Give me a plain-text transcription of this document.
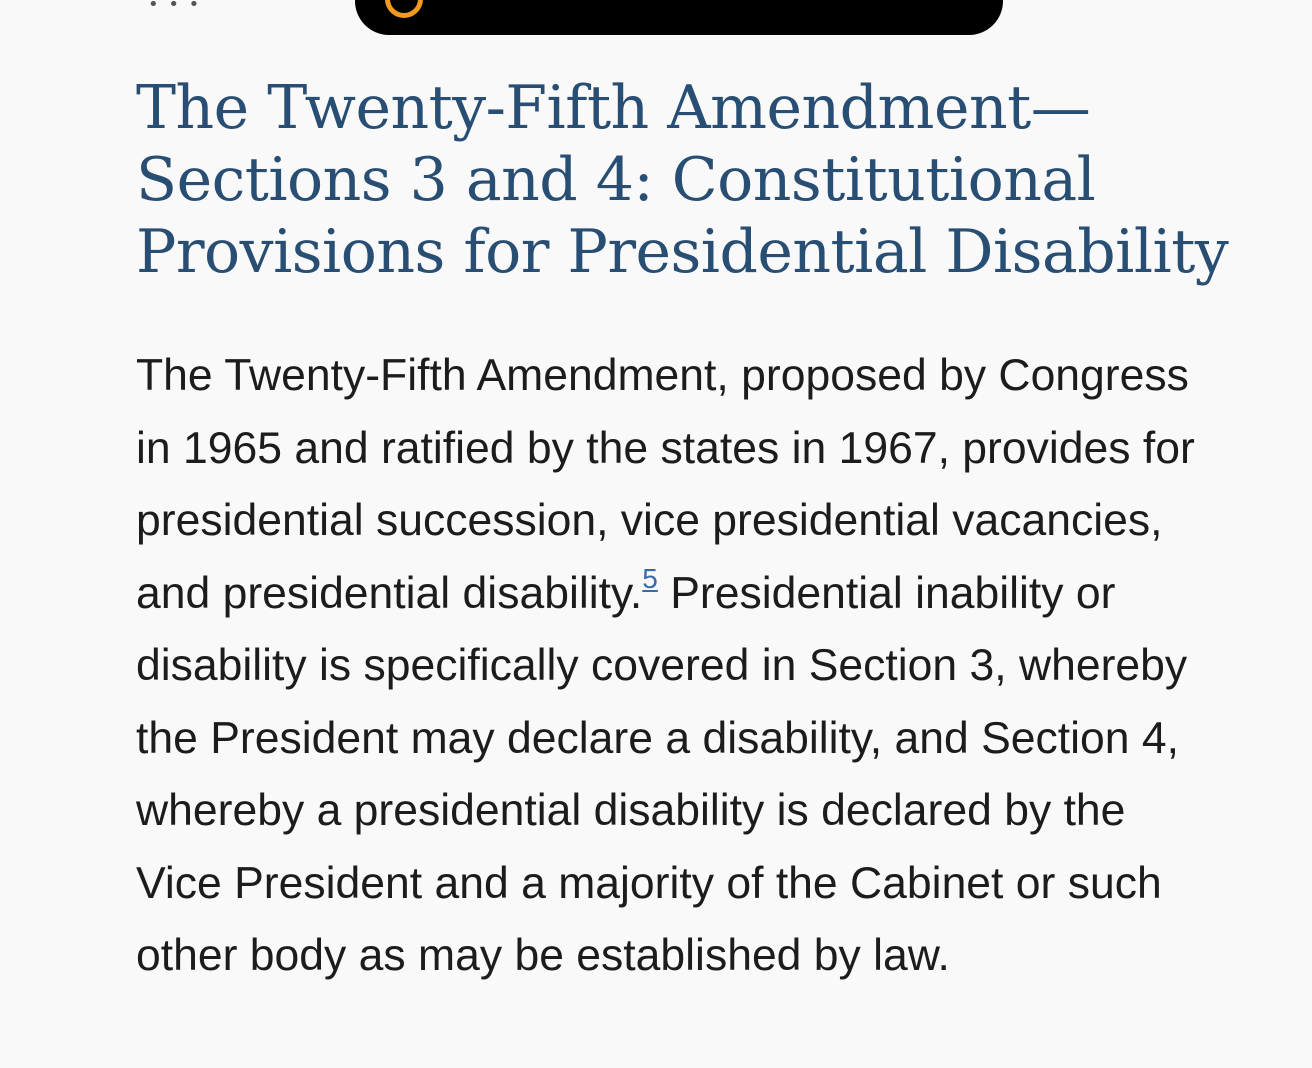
• • •
The Twenty-Fifth Amendment—Sections 3 and 4: Constitutional Provisions for Presidential Disability

The Twenty-Fifth Amendment, proposed by Congress in 1965 and ratified by the states in 1967, provides for presidential succession, vice presidential vacancies, and presidential disability.$^5$ Presidential inability or disability is specifically covered in Section 3, whereby the President may declare a disability, and Section 4, whereby a presidential disability is declared by the Vice President and a majority of the Cabinet or such other body as may be established by law.
